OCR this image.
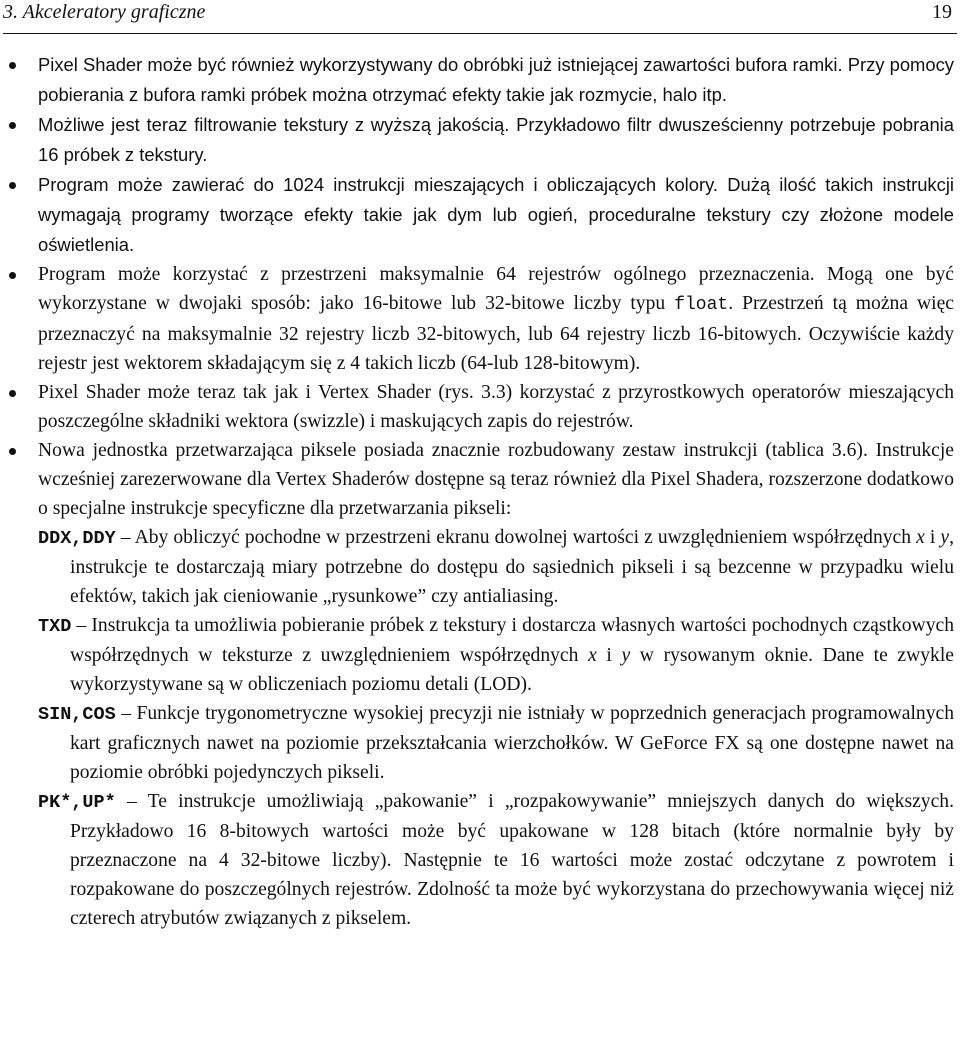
3. Akceleratory graficzne	19
Pixel Shader może być również wykorzystywany do obróbki już istniejącej zawartości bufora ramki. Przy pomocy pobierania z bufora ramki próbek można otrzymać efekty takie jak rozmycie, halo itp.
Możliwe jest teraz filtrowanie tekstury z wyższą jakością. Przykładowo filtr dwusześcienny potrzebuje pobrania 16 próbek z tekstury.
Program może zawierać do 1024 instrukcji mieszających i obliczających kolory. Dużą ilość takich instrukcji wymagają programy tworzące efekty takie jak dym lub ogień, proceduralne tekstury czy złożone modele oświetlenia.
Program może korzystać z przestrzeni maksymalnie 64 rejestrów ogólnego przeznaczenia. Mogą one być wykorzystane w dwojaki sposób: jako 16-bitowe lub 32-bitowe liczby typu float. Przestrzeń tą można więc przeznaczyć na maksymalnie 32 rejestry liczb 32-bitowych, lub 64 rejestry liczb 16-bitowych. Oczywiście każdy rejestr jest wektorem składającym się z 4 takich liczb (64-lub 128-bitowym).
Pixel Shader może teraz tak jak i Vertex Shader (rys. 3.3) korzystać z przyrostkowych operatorów mieszających poszczególne składniki wektora (swizzle) i maskujących zapis do rejestrów.
Nowa jednostka przetwarzająca piksele posiada znacznie rozbudowany zestaw instrukcji (tablica 3.6). Instrukcje wcześniej zarezerwowane dla Vertex Shaderów dostępne są teraz również dla Pixel Shadera, rozszerzone dodatkowo o specjalne instrukcje specyficzne dla przetwarzania pikseli:
DDX,DDY – Aby obliczyć pochodne w przestrzeni ekranu dowolnej wartości z uwzględnieniem współrzędnych x i y, instrukcje te dostarczają miary potrzebne do dostępu do sąsiednich pikseli i są bezcenne w przypadku wielu efektów, takich jak cieniowanie „rysunkowe” czy antialiasing.
TXD – Instrukcja ta umożliwia pobieranie próbek z tekstury i dostarcza własnych wartości pochodnych cząstkowych współrzędnych w teksturze z uwzględnieniem współrzędnych x i y w rysowanym oknie. Dane te zwykle wykorzystywane są w obliczeniach poziomu detali (LOD).
SIN,COS – Funkcje trygonometryczne wysokiej precyzji nie istniały w poprzednich generacjach programowalnych kart graficznych nawet na poziomie przekształcania wierzchołków. W GeForce FX są one dostępne nawet na poziomie obróbki pojedynczych pikseli.
PK*,UP* – Te instrukcje umożliwiają „pakowanie” i „rozpakowywanie” mniejszych danych do większych. Przykładowo 16 8-bitowych wartości może być upakowane w 128 bitach (które normalnie były by przeznaczone na 4 32-bitowe liczby). Następnie te 16 wartości może zostać odczytane z powrotem i rozpakowane do poszczególnych rejestrów. Zdolność ta może być wykorzystana do przechowywania więcej niż czterech atrybutów związanych z pikselem.
